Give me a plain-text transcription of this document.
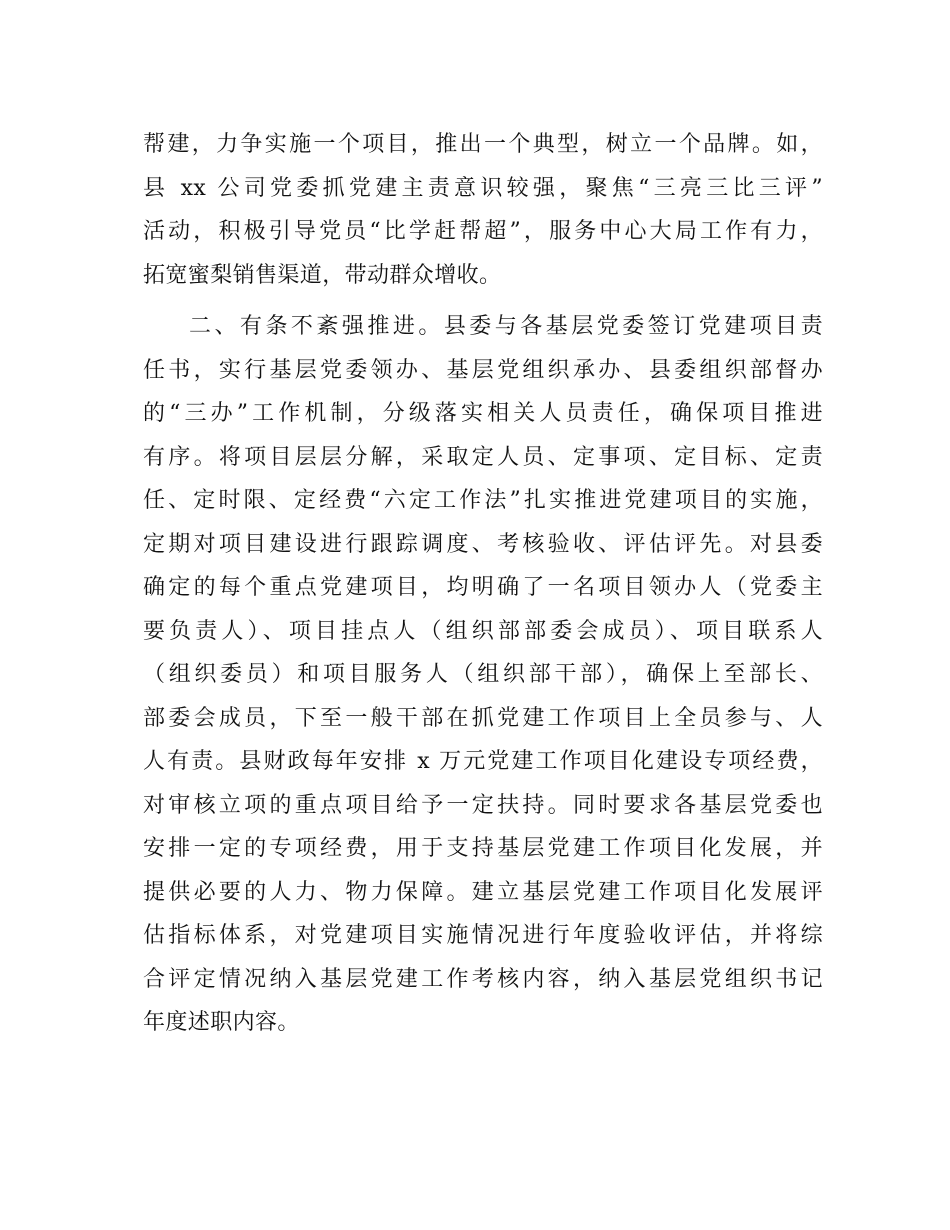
帮建，力争实施一个项目，推出一个典型，树立一个品牌。如，
县 xx 公司党委抓党建主责意识较强，聚焦“三亮三比三评”
活动，积极引导党员“比学赶帮超”，服务中心大局工作有力，
拓宽蜜梨销售渠道，带动群众增收。
二、有条不紊强推进。县委与各基层党委签订党建项目责
任书，实行基层党委领办、基层党组织承办、县委组织部督办
的“三办”工作机制，分级落实相关人员责任，确保项目推进
有序。将项目层层分解，采取定人员、定事项、定目标、定责
任、定时限、定经费“六定工作法”扎实推进党建项目的实施，
定期对项目建设进行跟踪调度、考核验收、评估评先。对县委
确定的每个重点党建项目，均明确了一名项目领办人（党委主
要负责人）、项目挂点人（组织部部委会成员）、项目联系人
（组织委员）和项目服务人（组织部干部），确保上至部长、
部委会成员，下至一般干部在抓党建工作项目上全员参与、人
人有责。县财政每年安排 x 万元党建工作项目化建设专项经费，
对审核立项的重点项目给予一定扶持。同时要求各基层党委也
安排一定的专项经费，用于支持基层党建工作项目化发展，并
提供必要的人力、物力保障。建立基层党建工作项目化发展评
估指标体系，对党建项目实施情况进行年度验收评估，并将综
合评定情况纳入基层党建工作考核内容，纳入基层党组织书记
年度述职内容。
